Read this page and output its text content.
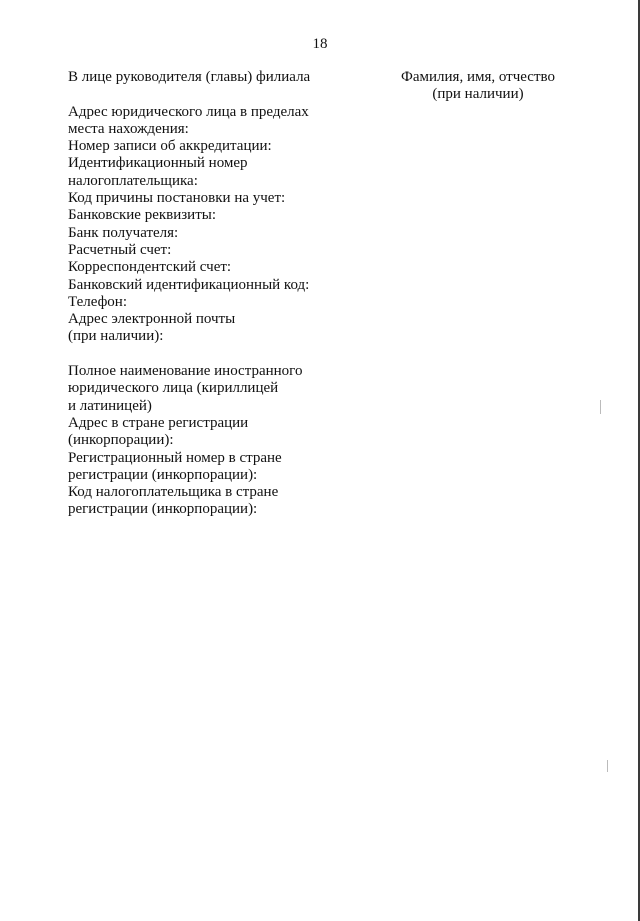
18
В лице руководителя (главы) филиала
Адрес юридического лица в пределах
места нахождения:
Номер записи об аккредитации:
Идентификационный номер
налогоплательщика:
Код причины постановки на учет:
Банковские реквизиты:
Банк получателя:
Расчетный счет:
Корреспондентский счет:
Банковский идентификационный код:
Телефон:
Адрес электронной почты
(при наличии):
Полное наименование иностранного
юридического лица (кириллицей
и латиницей)
Адрес в стране регистрации
(инкорпорации):
Регистрационный номер в стране
регистрации (инкорпорации):
Код налогоплательщика в стране
регистрации (инкорпорации):
Фамилия, имя, отчество
(при наличии)
